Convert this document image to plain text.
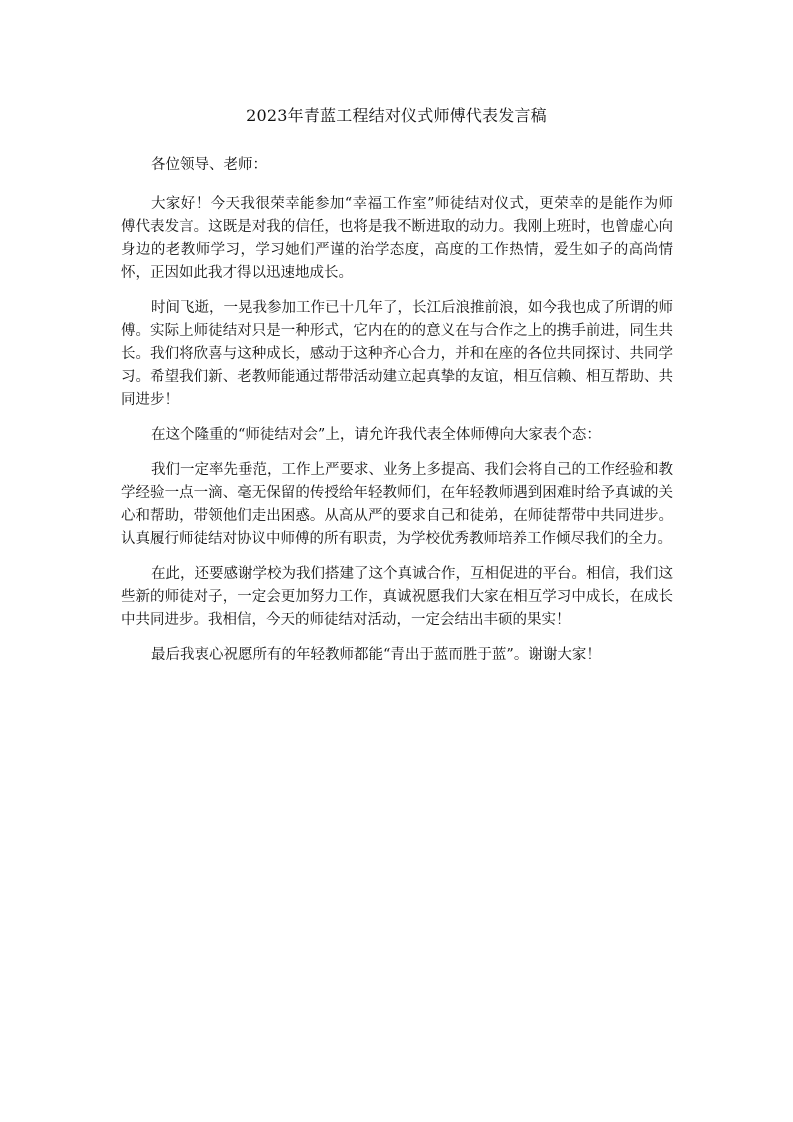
2023年青蓝工程结对仪式师傅代表发言稿

各位领导、老师：

大家好！今天我很荣幸能参加“幸福工作室”师徒结对仪式，更荣幸的是能作为师傅代表发言。这既是对我的信任，也将是我不断进取的动力。我刚上班时，也曾虚心向身边的老教师学习，学习她们严谨的治学态度，高度的工作热情，爱生如子的高尚情怀，正因如此我才得以迅速地成长。

时间飞逝，一晃我参加工作已十几年了，长江后浪推前浪，如今我也成了所谓的师傅。实际上师徒结对只是一种形式，它内在的的意义在与合作之上的携手前进，同生共长。我们将欣喜与这种成长，感动于这种齐心合力，并和在座的各位共同探讨、共同学习。希望我们新、老教师能通过帮带活动建立起真挚的友谊，相互信赖、相互帮助、共同进步！

在这个隆重的“师徒结对会”上，请允许我代表全体师傅向大家表个态：

我们一定率先垂范，工作上严要求、业务上多提高、我们会将自己的工作经验和教学经验一点一滴、毫无保留的传授给年轻教师们，在年轻教师遇到困难时给予真诚的关心和帮助，带领他们走出困惑。从高从严的要求自己和徒弟，在师徒帮带中共同进步。认真履行师徒结对协议中师傅的所有职责，为学校优秀教师培养工作倾尽我们的全力。

在此，还要感谢学校为我们搭建了这个真诚合作，互相促进的平台。相信，我们这些新的师徒对子，一定会更加努力工作，真诚祝愿我们大家在相互学习中成长，在成长中共同进步。我相信，今天的师徒结对活动，一定会结出丰硕的果实！

最后我衷心祝愿所有的年轻教师都能“青出于蓝而胜于蓝”。谢谢大家！
